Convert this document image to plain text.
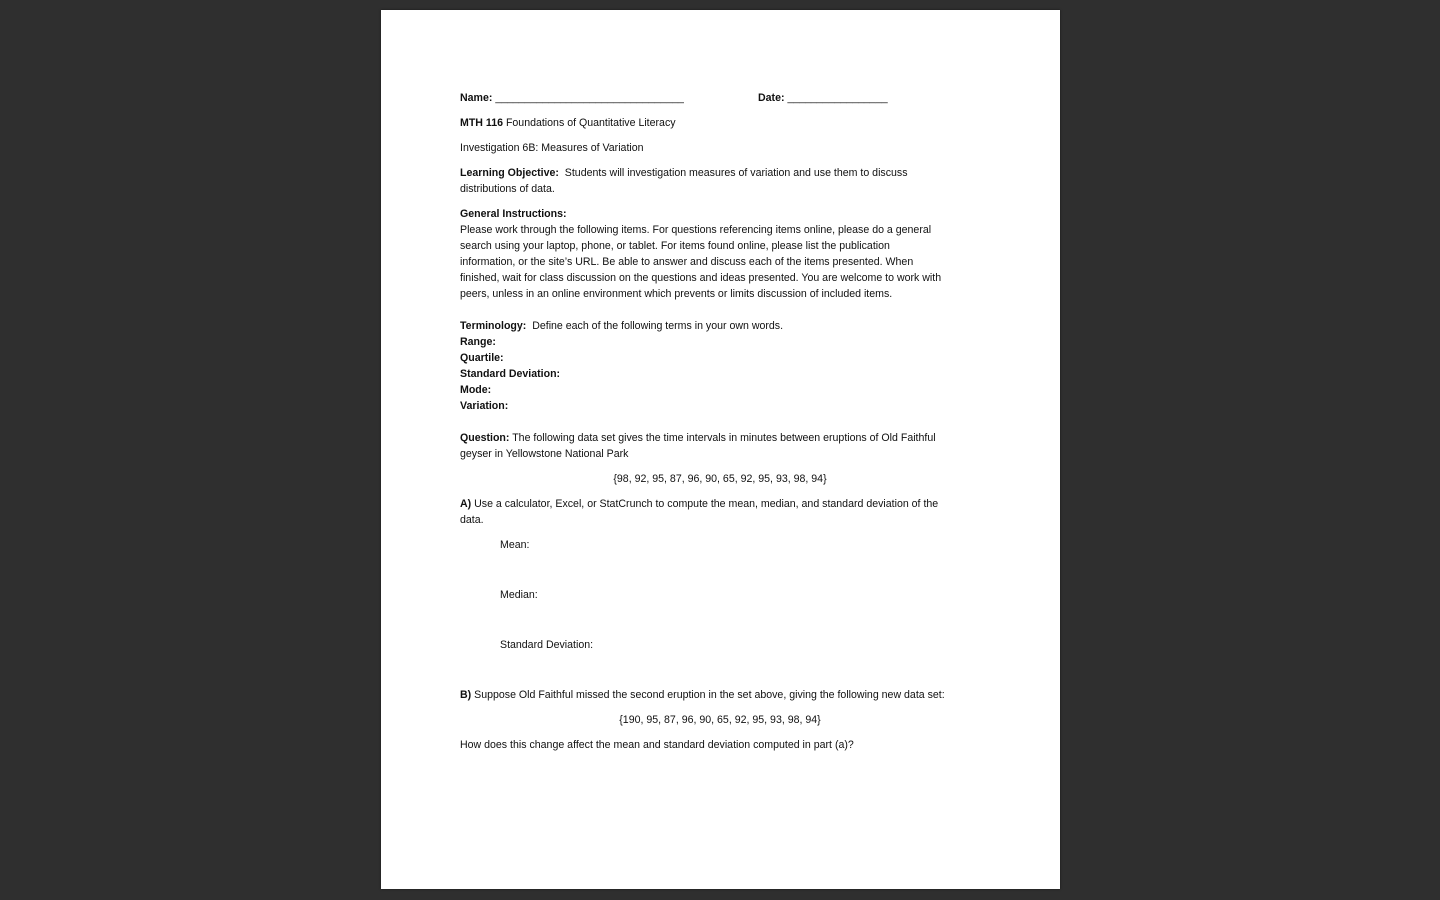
Name: ________________________________	Date: _________________
MTH 116 Foundations of Quantitative Literacy
Investigation 6B: Measures of Variation
Learning Objective: Students will investigation measures of variation and use them to discuss
distributions of data.
General Instructions:
Please work through the following items. For questions referencing items online, please do a general
search using your laptop, phone, or tablet. For items found online, please list the publication
information, or the site’s URL. Be able to answer and discuss each of the items presented. When
finished, wait for class discussion on the questions and ideas presented. You are welcome to work with
peers, unless in an online environment which prevents or limits discussion of included items.
Terminology: Define each of the following terms in your own words.
Range:
Quartile:
Standard Deviation:
Mode:
Variation:
Question: The following data set gives the time intervals in minutes between eruptions of Old Faithful
geyser in Yellowstone National Park
{98, 92, 95, 87, 96, 90, 65, 92, 95, 93, 98, 94}
A) Use a calculator, Excel, or StatCrunch to compute the mean, median, and standard deviation of the
data.
Mean:
Median:
Standard Deviation:
B) Suppose Old Faithful missed the second eruption in the set above, giving the following new data set:
{190, 95, 87, 96, 90, 65, 92, 95, 93, 98, 94}
How does this change affect the mean and standard deviation computed in part (a)?
